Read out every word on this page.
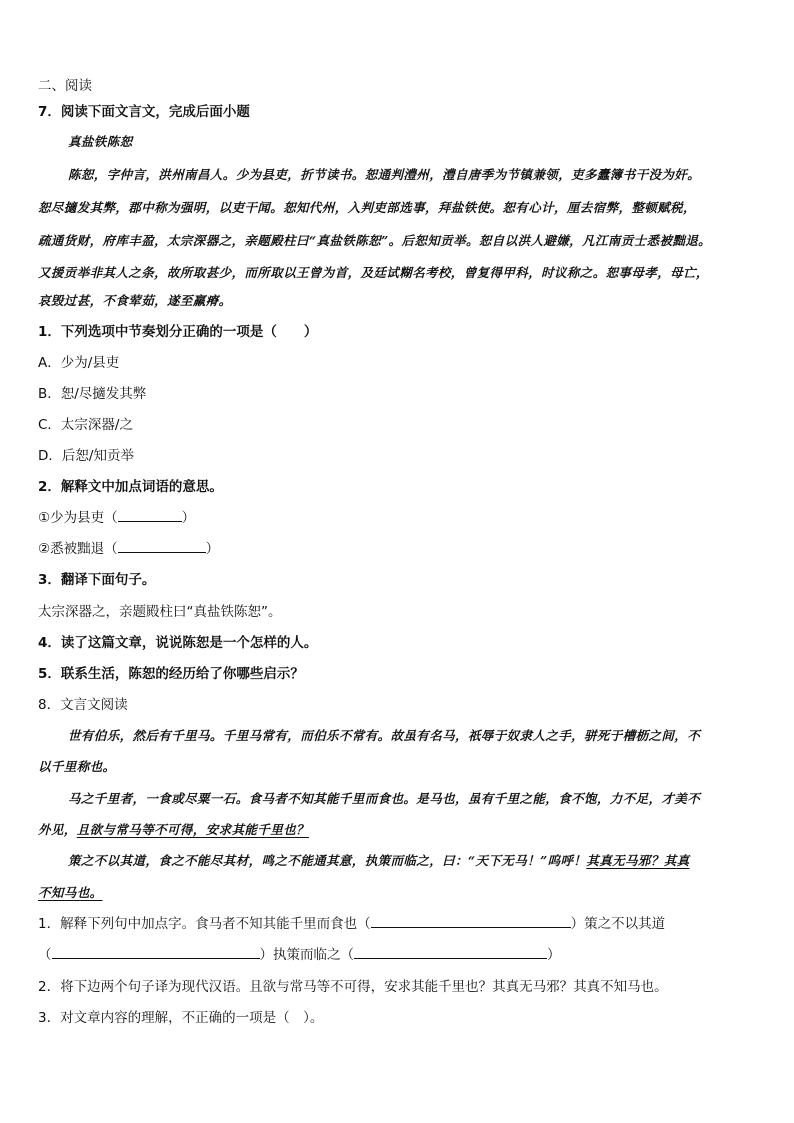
二、阅读
7．阅读下面文言文，完成后面小题
真盐铁陈恕
陈恕，字仲言，洪州南昌人。少为县吏，折节读书。恕通判澧州，澧自唐季为节镇兼领，吏多蠹簿书干没为奸。
恕尽擿发其弊，郡中称为强明，以吏干闻。恕知代州，入判吏部选事，拜盐铁使。恕有心计，厘去宿弊，整顿赋税，
疏通货财，府库丰盈，太宗深器之，亲题殿柱曰“真盐铁陈恕”。后恕知贡举。恕自以洪人避嫌，凡江南贡士悉被黜退。
又援贡举非其人之条，故所取甚少，而所取以王曾为首，及廷试糊名考校，曾复得甲科，时议称之。恕事母孝，母亡，
哀毁过甚，不食荤茹，遂至羸瘠。
1．下列选项中节奏划分正确的一项是（　　）
A．少为/县吏
B．恕/尽擿发其弊
C．太宗深器/之
D．后恕/知贡举
2．解释文中加点词语的意思。
①少为县吏（	）
②悉被黜退（	）
3．翻译下面句子。
太宗深器之，亲题殿柱曰“真盐铁陈恕”。
4．读了这篇文章，说说陈恕是一个怎样的人。
5．联系生活，陈恕的经历给了你哪些启示？
8．文言文阅读
世有伯乐，然后有千里马。千里马常有，而伯乐不常有。故虽有名马，祇辱于奴隶人之手，骈死于槽枥之间，不
以千里称也。
马之千里者，一食或尽粟一石。食马者不知其能千里而食也。是马也，虽有千里之能，食不饱，力不足，才美不
外见，且欲与常马等不可得，安求其能千里也？
策之不以其道，食之不能尽其材，鸣之不能通其意，执策而临之，曰：“天下无马！”呜呼！其真无马邪？其真
不知马也。
1．解释下列句中加点字。食马者不知其能千里而食也（	）策之不以其道
（	）执策而临之（	）
2．将下边两个句子译为现代汉语。且欲与常马等不可得，安求其能千里也？其真无马邪？其真不知马也。
3．对文章内容的理解，不正确的一项是（　）。
